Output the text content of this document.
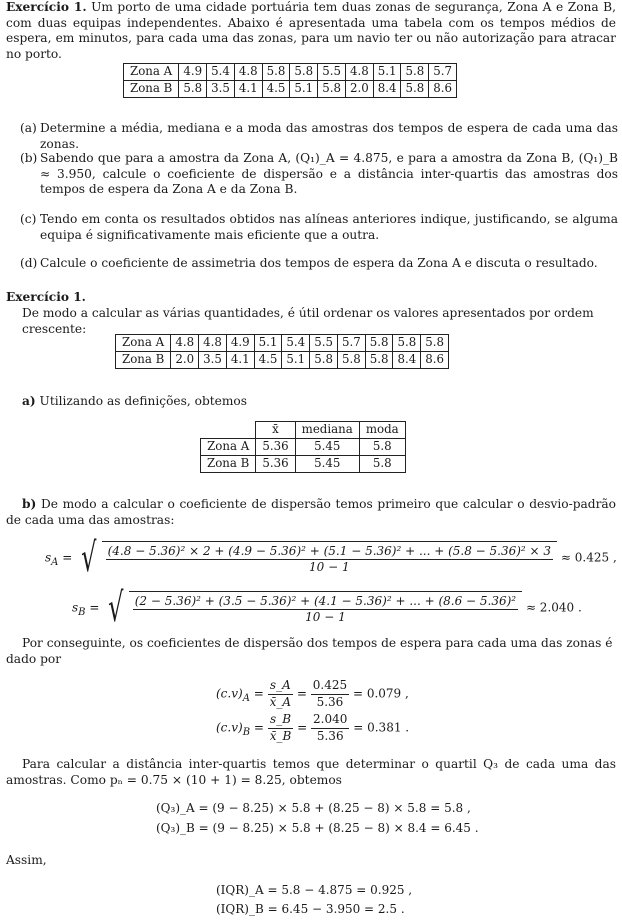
Exercício 1. Um porto de uma cidade portuária tem duas zonas de segurança, Zona A e Zona B, com duas equipas independentes. Abaixo é apresentada uma tabela com os tempos médios de espera, em minutos, para cada uma das zonas, para um navio ter ou não autorização para atracar no porto.

Zona A	4.9	5.4	4.8	5.8	5.8	5.5	4.8	5.1	5.8	5.7
Zona B	5.8	3.5	4.1	4.5	5.1	5.8	2.0	8.4	5.8	8.6
(a) Determine a média, mediana e a moda das amostras dos tempos de espera de cada uma das zonas.

(b) Sabendo que para a amostra da Zona A, (Q₁)_A = 4.875, e para a amostra da Zona B, (Q₁)_B ≈ 3.950, calcule o coeficiente de dispersão e a distância inter-quartis das amostras dos tempos de espera da Zona A e da Zona B.

(c) Tendo em conta os resultados obtidos nas alíneas anteriores indique, justificando, se alguma equipa é significativamente mais eficiente que a outra.

(d) Calcule o coeficiente de assimetria dos tempos de espera da Zona A e discuta o resultado.

Exercício 1.

De modo a calcular as várias quantidades, é útil ordenar os valores apresentados por ordem crescente:

Zona A	4.8	4.8	4.9	5.1	5.4	5.5	5.7	5.8	5.8	5.8
Zona B	2.0	3.5	4.1	4.5	5.1	5.8	5.8	5.8	8.4	8.6

a) Utilizando as definições, obtemos

	x̄	mediana	moda
Zona A	5.36	5.45	5.8
Zona B	5.36	5.45	5.8

b) De modo a calcular o coeficiente de dispersão temos primeiro que calcular o desvio-padrão de cada uma das amostras:

$s_A$ = √ (4.8 − 5.36)² × 2 + (4.9 − 5.36)² + (5.1 − 5.36)² + ... + (5.8 − 5.36)² × 3
10 − 1
≈ 0.425 ,
$s_B$ = √ (2 − 5.36)² + (3.5 − 5.36)² + (4.1 − 5.36)² + ... + (8.6 − 5.36)²
10 − 1
≈ 2.040 .

Por conseguinte, os coeficientes de dispersão dos tempos de espera para cada uma das zonas é dado por

$(c.v)_A = \frac{s\_A}{x̄\_A} = \frac{0.425}{5.36} = 0.079$ ,
$(c.v)_B = \frac{s\_B}{x̄\_B} = \frac{2.040}{5.36} = 0.381$ .

Para calcular a distância inter-quartis temos que determinar o quartil Q₃ de cada uma das amostras. Como pₙ = 0.75 × (10 + 1) = 8.25, obtemos

(Q₃)_A = (9 − 8.25) × 5.8 + (8.25 − 8) × 5.8 = 5.8 ,
(Q₃)_B = (9 − 8.25) × 5.8 + (8.25 − 8) × 8.4 = 6.45 .

Assim,

(IQR)_A = 5.8 − 4.875 = 0.925 ,
(IQR)_B = 6.45 − 3.950 = 2.5 .
